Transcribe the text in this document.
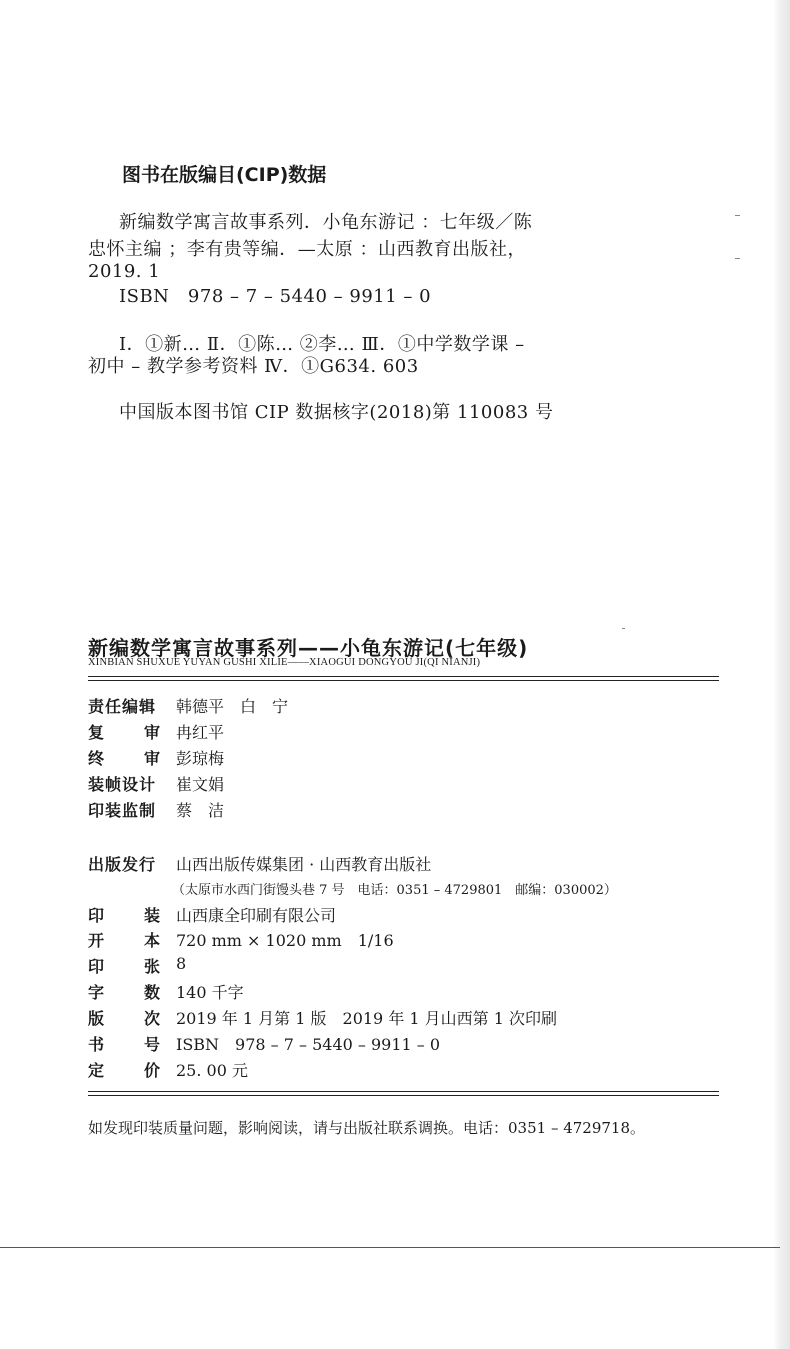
图书在版编目(CIP)数据
新编数学寓言故事系列．小龟东游记 ：七年级／陈
忠怀主编 ；李有贵等编．—太原 ：山西教育出版社，
2019. 1
ISBN　978 – 7 – 5440 – 9911 – 0
Ⅰ．①新… Ⅱ．①陈… ②李… Ⅲ．①中学数学课 –
初中 – 教学参考资料 Ⅳ．①G634. 603
中国版本图书馆 CIP 数据核字(2018)第 110083 号
新编数学寓言故事系列——小龟东游记(七年级)
XINBIAN SHUXUE YUYAN GUSHI XILIE——XIAOGUI DONGYOU JI(QI NIANJI)
责任编辑 韩德平　白　宁
复 审 冉红平
终 审 彭琼梅
装帧设计 崔文娟
印装监制 蔡　洁
出版发行 山西出版传媒集团 · 山西教育出版社
（太原市水西门街馒头巷 7 号　电话：0351 – 4729801　邮编：030002）
印 装 山西康全印刷有限公司
开 本 720 mm × 1020 mm　1/16
印 张 8
字 数 140 千字
版 次 2019 年 1 月第 1 版　2019 年 1 月山西第 1 次印刷
书 号 ISBN　978 – 7 – 5440 – 9911 – 0
定 价 25. 00 元
如发现印装质量问题，影响阅读，请与出版社联系调换。电话：0351 – 4729718。
